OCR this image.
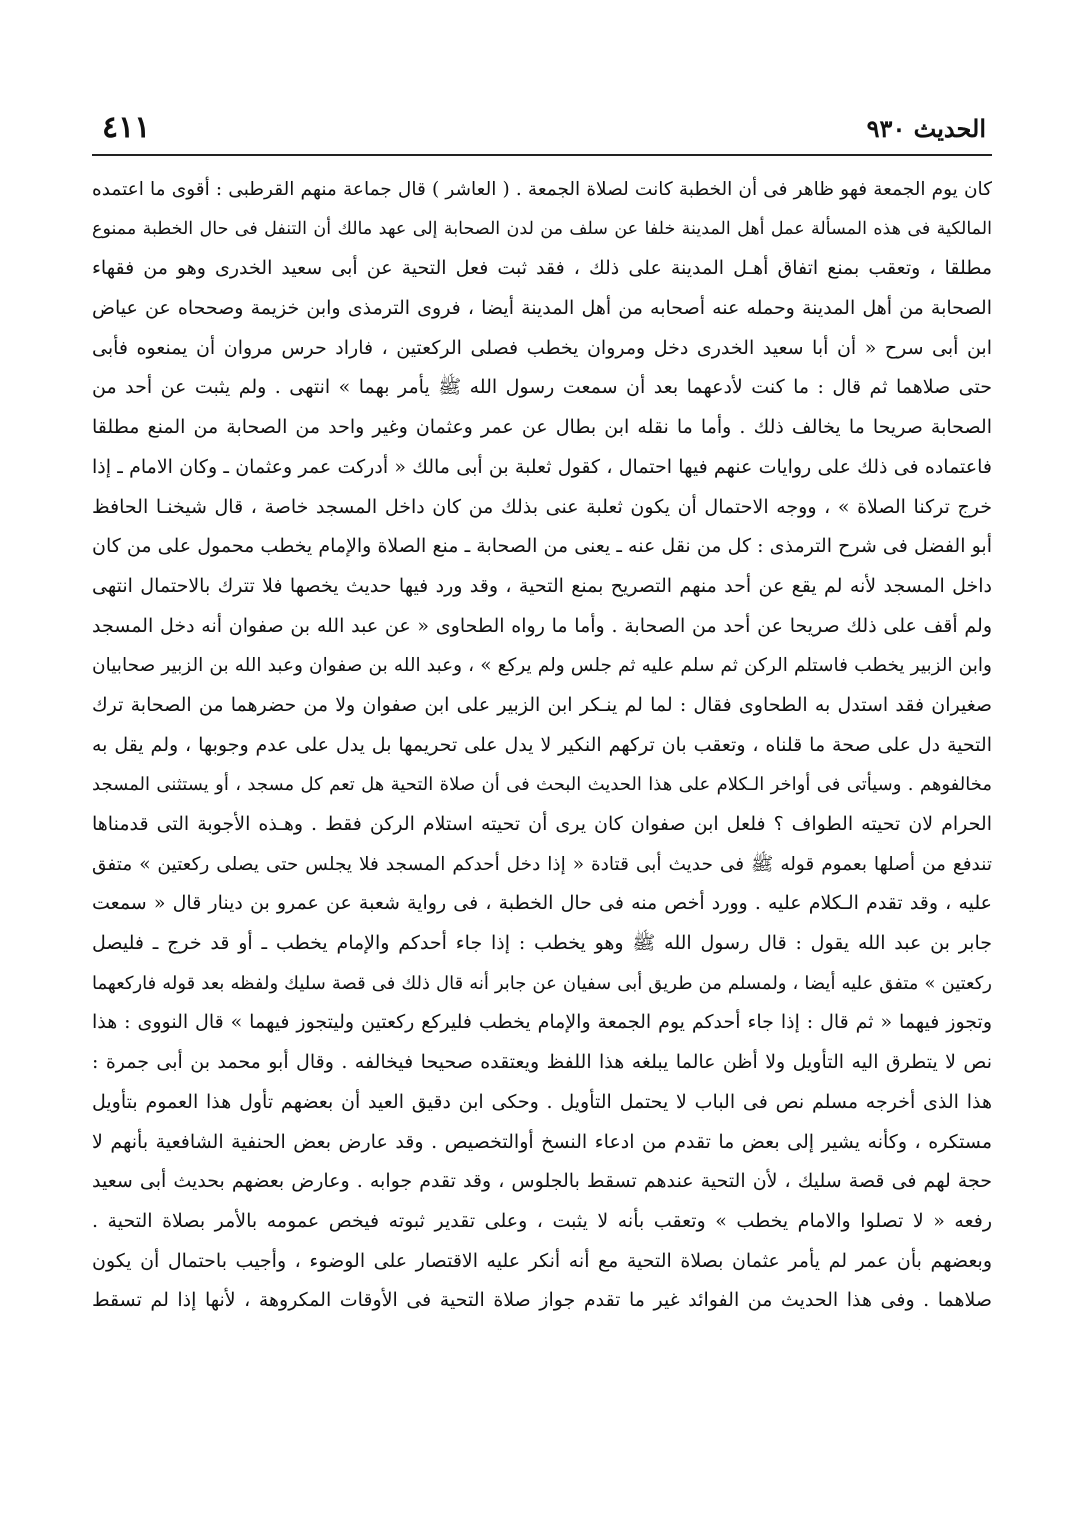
٤١١	الحديث ٩٣٠
كان يوم الجمعة فهو ظاهر فى أن الخطبة كانت لصلاة الجمعة . ( العاشر ) قال جماعة منهم القرطبى : أقوى ما اعتمده
المالكية فى هذه المسألة عمل أهل المدينة خلفا عن سلف من لدن الصحابة إلى عهد مالك أن التنفل فى حال الخطبة ممنوع
مطلقا ، وتعقب بمنع اتفاق أهـل المدينة على ذلك ، فقد ثبت فعل التحية عن أبى سعيد الخدرى وهو من فقهاء
الصحابة من أهل المدينة وحمله عنه أصحابه من أهل المدينة أيضا ، فروى الترمذى وابن خزيمة وصححاه عن عياض
ابن أبى سرح « أن أبا سعيد الخدرى دخل ومروان يخطب فصلى الركعتين ، فاراد حرس مروان أن يمنعوه فأبى
حتى صلاهما ثم قال : ما كنت لأدعهما بعد أن سمعت رسول الله ﷺ يأمر بهما » انتهى . ولم يثبت عن أحد من
الصحابة صريحا ما يخالف ذلك . وأما ما نقله ابن بطال عن عمر وعثمان وغير واحد من الصحابة من المنع مطلقا
فاعتماده فى ذلك على روايات عنهم فيها احتمال ، كقول ثعلبة بن أبى مالك « أدركت عمر وعثمان ـ وكان الامام ـ إذا
خرج تركنا الصلاة » ، ووجه الاحتمال أن يكون ثعلبة عنى بذلك من كان داخل المسجد خاصة ، قال شيخنـا الحافظ
أبو الفضل فى شرح الترمذى : كل من نقل عنه ـ يعنى من الصحابة ـ منع الصلاة والإمام يخطب محمول على من كان
داخل المسجد لأنه لم يقع عن أحد منهم التصريح بمنع التحية ، وقد ورد فيها حديث يخصها فلا تترك بالاحتمال انتهى
ولم أقف على ذلك صريحا عن أحد من الصحابة . وأما ما رواه الطحاوى « عن عبد الله بن صفوان أنه دخل المسجد
وابن الزبير يخطب فاستلم الركن ثم سلم عليه ثم جلس ولم يركع » ، وعبد الله بن صفوان وعبد الله بن الزبير صحابيان
صغيران فقد استدل به الطحاوى فقال : لما لم ينـكر ابن الزبير على ابن صفوان ولا من حضرهما من الصحابة ترك
التحية دل على صحة ما قلناه ، وتعقب بان تركهم النكير لا يدل على تحريمها بل يدل على عدم وجوبها ، ولم يقل به
مخالفوهم . وسيأتى فى أواخر الـكلام على هذا الحديث البحث فى أن صلاة التحية هل تعم كل مسجد ، أو يستثنى المسجد
الحرام لان تحيته الطواف ؟ فلعل ابن صفوان كان يرى أن تحيته استلام الركن فقط . وهـذه الأجوبة التى قدمناها
تندفع من أصلها بعموم قوله ﷺ فى حديث أبى قتادة « إذا دخل أحدكم المسجد فلا يجلس حتى يصلى ركعتين » متفق
عليه ، وقد تقدم الـكلام عليه . وورد أخص منه فى حال الخطبة ، فى رواية شعبة عن عمرو بن دينار قال « سمعت
جابر بن عبد الله يقول : قال رسول الله ﷺ وهو يخطب : إذا جاء أحدكم والإمام يخطب ـ أو قد خرج ـ فليصل
ركعتين » متفق عليه أيضا ، ولمسلم من طريق أبى سفيان عن جابر أنه قال ذلك فى قصة سليك ولفظه بعد قوله فاركعهما
وتجوز فيهما « ثم قال : إذا جاء أحدكم يوم الجمعة والإمام يخطب فليركع ركعتين وليتجوز فيهما » قال النووى : هذا
نص لا يتطرق اليه التأويل ولا أظن عالما يبلغه هذا اللفظ ويعتقده صحيحا فيخالفه . وقال أبو محمد بن أبى جمرة :
هذا الذى أخرجه مسلم نص فى الباب لا يحتمل التأويل . وحكى ابن دقيق العيد أن بعضهم تأول هذا العموم بتأويل
مستكره ، وكأنه يشير إلى بعض ما تقدم من ادعاء النسخ أوالتخصيص . وقد عارض بعض الحنفية الشافعية بأنهم لا
حجة لهم فى قصة سليك ، لأن التحية عندهم تسقط بالجلوس ، وقد تقدم جوابه . وعارض بعضهم بحديث أبى سعيد
رفعه « لا تصلوا والامام يخطب » وتعقب بأنه لا يثبت ، وعلى تقدير ثبوته فيخص عمومه بالأمر بصلاة التحية .
وبعضهم بأن عمر لم يأمر عثمان بصلاة التحية مع أنه أنكر عليه الاقتصار على الوضوء ، وأجيب باحتمال أن يكون
صلاهما . وفى هذا الحديث من الفوائد غير ما تقدم جواز صلاة التحية فى الأوقات المكروهة ، لأنها إذا لم تسقط
